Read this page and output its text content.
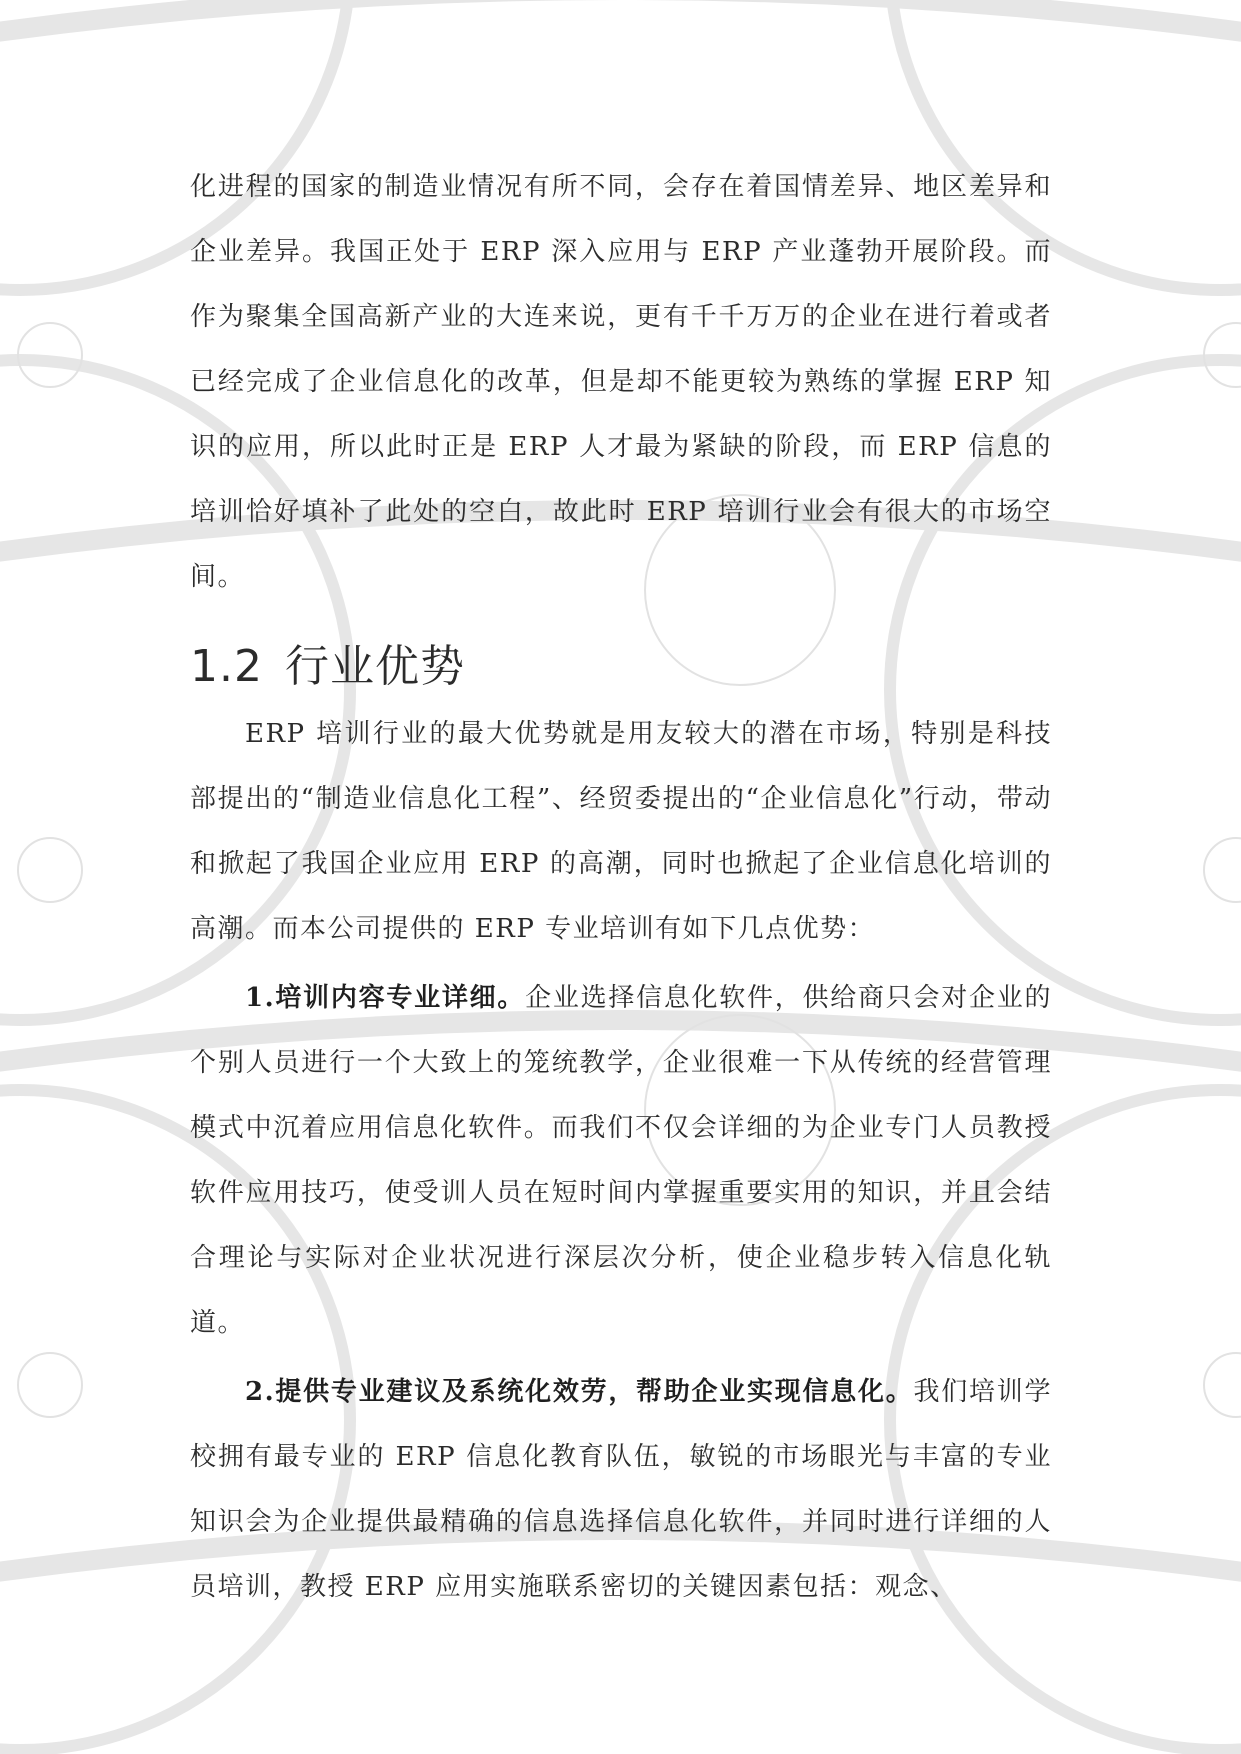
化进程的国家的制造业情况有所不同，会存在着国情差异、地区差异和企业差异。我国正处于 ERP 深入应用与 ERP 产业蓬勃开展阶段。而作为聚集全国高新产业的大连来说，更有千千万万的企业在进行着或者已经完成了企业信息化的改革，但是却不能更较为熟练的掌握 ERP 知识的应用，所以此时正是 ERP 人才最为紧缺的阶段，而 ERP 信息的培训恰好填补了此处的空白，故此时 ERP 培训行业会有很大的市场空间。

1.2 行业优势

ERP 培训行业的最大优势就是用友较大的潜在市场，特别是科技部提出的“制造业信息化工程”、经贸委提出的“企业信息化”行动，带动和掀起了我国企业应用 ERP 的高潮，同时也掀起了企业信息化培训的高潮。而本公司提供的 ERP 专业培训有如下几点优势：

1.培训内容专业详细。企业选择信息化软件，供给商只会对企业的个别人员进行一个大致上的笼统教学，企业很难一下从传统的经营管理模式中沉着应用信息化软件。而我们不仅会详细的为企业专门人员教授软件应用技巧，使受训人员在短时间内掌握重要实用的知识，并且会结合理论与实际对企业状况进行深层次分析，使企业稳步转入信息化轨道。

2.提供专业建议及系统化效劳，帮助企业实现信息化。我们培训学校拥有最专业的 ERP 信息化教育队伍，敏锐的市场眼光与丰富的专业知识会为企业提供最精确的信息选择信息化软件，并同时进行详细的人员培训，教授 ERP 应用实施联系密切的关键因素包括：观念、
